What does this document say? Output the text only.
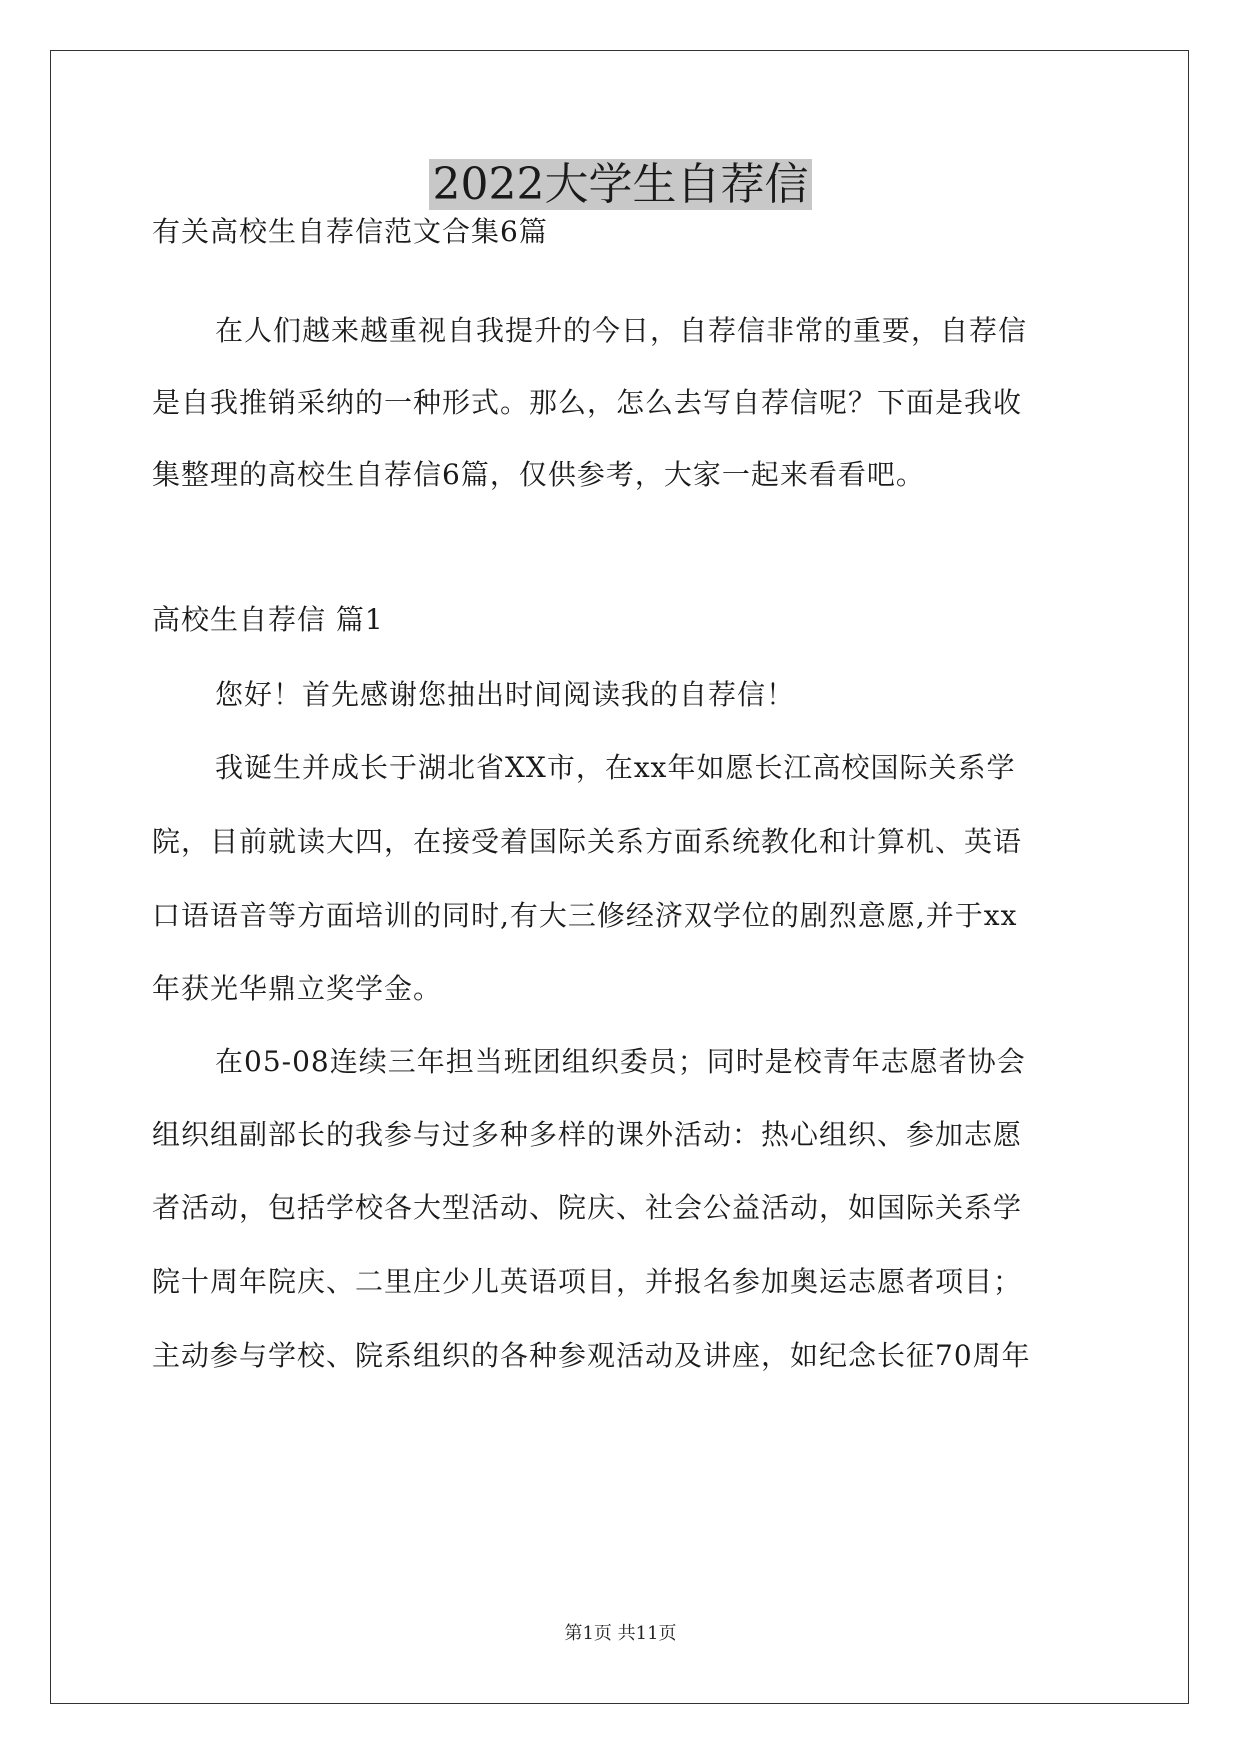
2022大学生自荐信
有关高校生自荐信范文合集6篇
在人们越来越重视自我提升的今日，自荐信非常的重要，自荐信
是自我推销采纳的一种形式。那么，怎么去写自荐信呢？下面是我收
集整理的高校生自荐信6篇，仅供参考，大家一起来看看吧。
高校生自荐信 篇1
您好！首先感谢您抽出时间阅读我的自荐信！
我诞生并成长于湖北省XX市，在xx年如愿长江高校国际关系学
院，目前就读大四，在接受着国际关系方面系统教化和计算机、英语
口语语音等方面培训的同时,有大三修经济双学位的剧烈意愿,并于xx
年获光华鼎立奖学金。
在05-08连续三年担当班团组织委员；同时是校青年志愿者协会
组织组副部长的我参与过多种多样的课外活动：热心组织、参加志愿
者活动，包括学校各大型活动、院庆、社会公益活动，如国际关系学
院十周年院庆、二里庄少儿英语项目，并报名参加奥运志愿者项目；
主动参与学校、院系组织的各种参观活动及讲座，如纪念长征70周年
第1页 共11页
